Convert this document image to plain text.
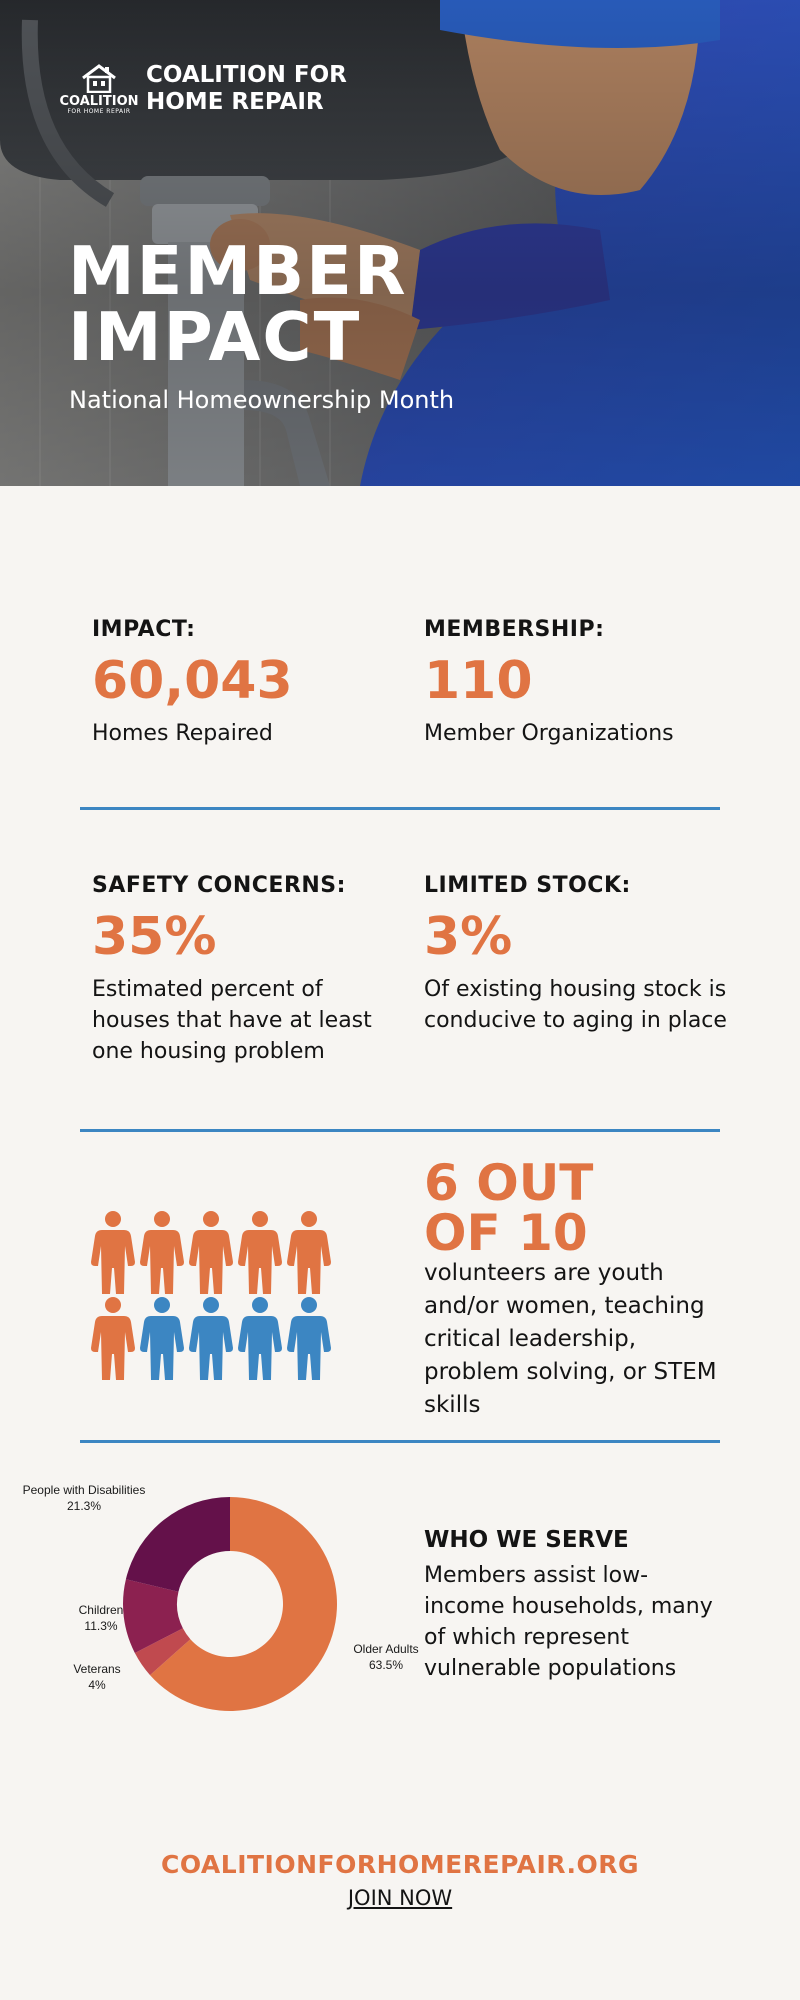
COALITION
FOR HOME REPAIR
COALITION FOR
HOME REPAIR
MEMBER
IMPACT
National Homeownership Month
IMPACT:
60,043
Homes Repaired
MEMBERSHIP:
110
Member Organizations
SAFETY CONCERNS:
35%
Estimated percent of houses that have at least one housing problem
LIMITED STOCK:
3%
Of existing housing stock is conducive to aging in place
6 OUT
OF 10
volunteers are youth and/or women, teaching critical leadership, problem solving, or STEM skills
People with Disabilities
21.3%
Children
11.3%
Veterans
4%
Older Adults
63.5%
WHO WE SERVE
Members assist low-income households, many of which represent vulnerable populations
COALITIONFORHOMEREPAIR.ORG
JOIN NOW
